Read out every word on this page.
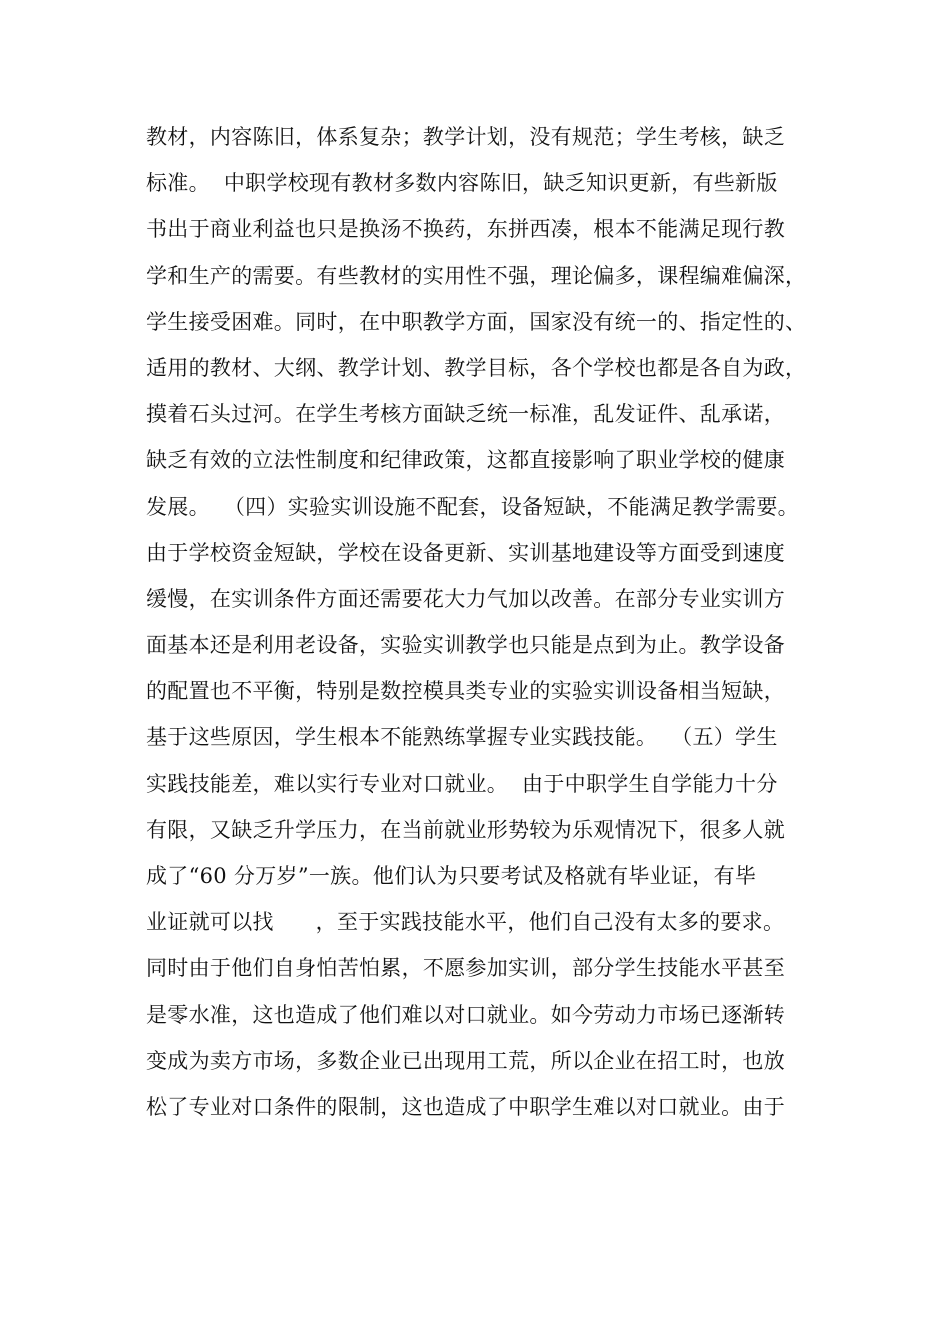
教材，内容陈旧，体系复杂；教学计划，没有规范；学生考核，缺乏
标准。  中职学校现有教材多数内容陈旧，缺乏知识更新，有些新版
书出于商业利益也只是换汤不换药，东拼西凑，根本不能满足现行教
学和生产的需要。有些教材的实用性不强，理论偏多，课程编难偏深，
学生接受困难。同时，在中职教学方面，国家没有统一的、指定性的、
适用的教材、大纲、教学计划、教学目标，各个学校也都是各自为政，
摸着石头过河。在学生考核方面缺乏统一标准，乱发证件、乱承诺，
缺乏有效的立法性制度和纪律政策，这都直接影响了职业学校的健康
发展。  （四）实验实训设施不配套，设备短缺，不能满足教学需要。
由于学校资金短缺，学校在设备更新、实训基地建设等方面受到速度
缓慢，在实训条件方面还需要花大力气加以改善。在部分专业实训方
面基本还是利用老设备，实验实训教学也只能是点到为止。教学设备
的配置也不平衡，特别是数控模具类专业的实验实训设备相当短缺，
基于这些原因，学生根本不能熟练掌握专业实践技能。  （五）学生
实践技能差，难以实行专业对口就业。  由于中职学生自学能力十分
有限，又缺乏升学压力，在当前就业形势较为乐观情况下，很多人就
成了“60 分万岁”一族。他们认为只要考试及格就有毕业证，有毕
业证就可以找      ，至于实践技能水平，他们自己没有太多的要求。
同时由于他们自身怕苦怕累，不愿参加实训，部分学生技能水平甚至
是零水准，这也造成了他们难以对口就业。如今劳动力市场已逐渐转
变成为卖方市场，多数企业已出现用工荒，所以企业在招工时，也放
松了专业对口条件的限制，这也造成了中职学生难以对口就业。由于
